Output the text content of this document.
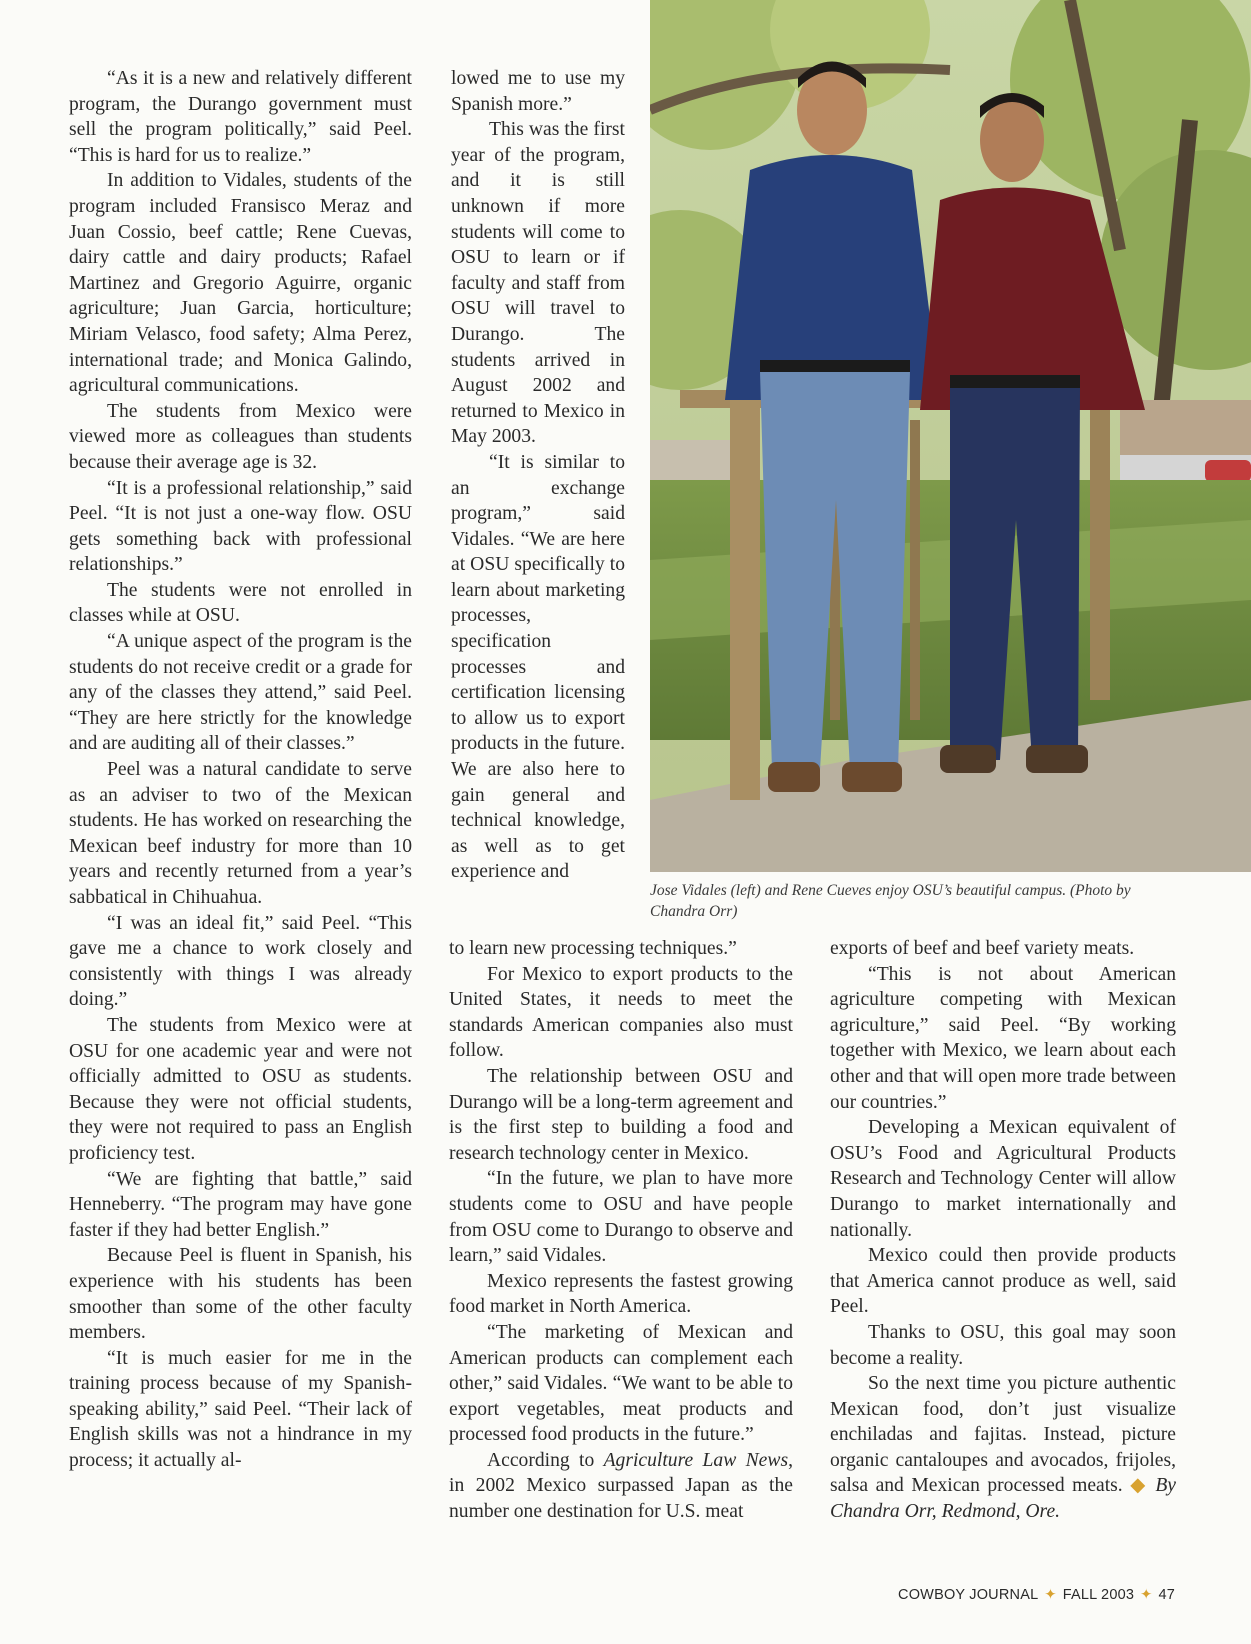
“As it is a new and relatively different program, the Durango government must sell the program politically,” said Peel. “This is hard for us to realize.”

In addition to Vidales, students of the program included Fransisco Meraz and Juan Cossio, beef cattle; Rene Cuevas, dairy cattle and dairy products; Rafael Martinez and Gregorio Aguirre, organic agriculture; Juan Garcia, horticulture; Miriam Velasco, food safety; Alma Perez, international trade; and Monica Galindo, agricultural communications.

The students from Mexico were viewed more as colleagues than students because their average age is 32.

“It is a professional relationship,” said Peel. “It is not just a one-way flow. OSU gets something back with professional relationships.”

The students were not enrolled in classes while at OSU.

“A unique aspect of the program is the students do not receive credit or a grade for any of the classes they attend,” said Peel. “They are here strictly for the knowledge and are auditing all of their classes.”

Peel was a natural candidate to serve as an adviser to two of the Mexican students. He has worked on researching the Mexican beef industry for more than 10 years and recently returned from a year’s sabbatical in Chihuahua.

“I was an ideal fit,” said Peel. “This gave me a chance to work closely and consistently with things I was already doing.”

The students from Mexico were at OSU for one academic year and were not officially admitted to OSU as students. Because they were not official students, they were not required to pass an English proficiency test.

“We are fighting that battle,” said Henneberry. “The program may have gone faster if they had better English.”

Because Peel is fluent in Spanish, his experience with his students has been smoother than some of the other faculty members.

“It is much easier for me in the training process because of my Spanish-speaking ability,” said Peel. “Their lack of English skills was not a hindrance in my process; it actually al-

lowed me to use my Spanish more.”

This was the first year of the program, and it is still unknown if more students will come to OSU to learn or if faculty and staff from OSU will travel to Durango. The students arrived in August 2002 and returned to Mexico in May 2003.

“It is similar to an exchange program,” said Vidales. “We are here at OSU specifically to learn about marketing processes, specification processes and certification licensing to allow us to export products in the future. We are also here to gain general and technical knowledge, as well as to get experience and

Jose Vidales (left) and Rene Cueves enjoy OSU’s beautiful campus. (Photo by Chandra Orr)

to learn new processing techniques.”

For Mexico to export products to the United States, it needs to meet the standards American companies also must follow.

The relationship between OSU and Durango will be a long-term agreement and is the first step to building a food and research technology center in Mexico.

“In the future, we plan to have more students come to OSU and have people from OSU come to Durango to observe and learn,” said Vidales.

Mexico represents the fastest growing food market in North America.

“The marketing of Mexican and American products can complement each other,” said Vidales. “We want to be able to export vegetables, meat products and processed food products in the future.”

According to Agriculture Law News, in 2002 Mexico surpassed Japan as the number one destination for U.S. meat

exports of beef and beef variety meats.

“This is not about American agriculture competing with Mexican agriculture,” said Peel. “By working together with Mexico, we learn about each other and that will open more trade between our countries.”

Developing a Mexican equivalent of OSU’s Food and Agricultural Products Research and Technology Center will allow Durango to market internationally and nationally.

Mexico could then provide products that America cannot produce as well, said Peel.

Thanks to OSU, this goal may soon become a reality.

So the next time you picture authentic Mexican food, don’t just visualize enchiladas and fajitas. Instead, picture organic cantaloupes and avocados, frijoles, salsa and Mexican processed meats. ◆ By Chandra Orr, Redmond, Ore.

COWBOY JOURNAL ✦ FALL 2003 ✦ 47
